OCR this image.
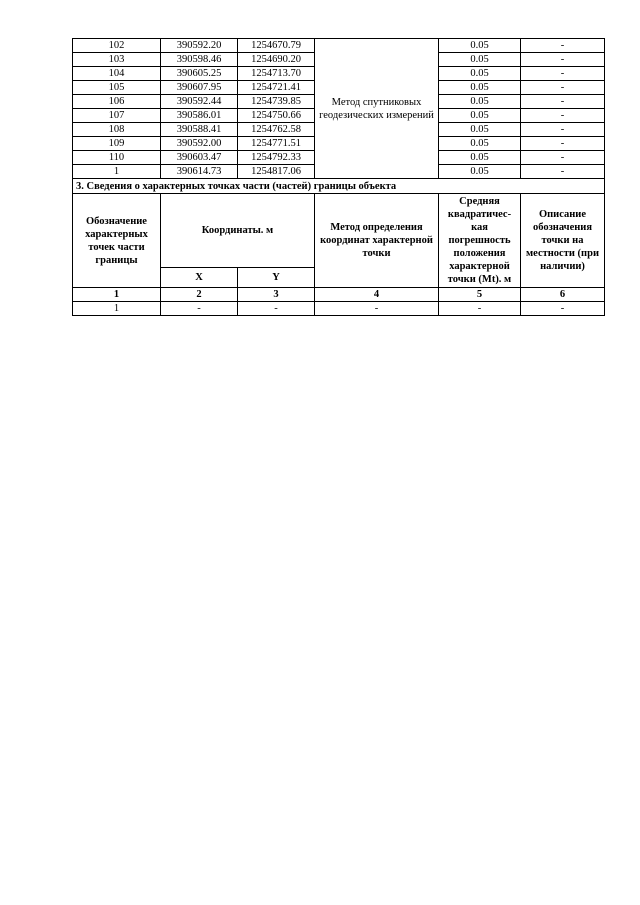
102	390592.20	1254670.79	Метод спутниковых геодезических измерений	0.05	-
103	390598.46	1254690.20		0.05	-
104	390605.25	1254713.70		0.05	-
105	390607.95	1254721.41		0.05	-
106	390592.44	1254739.85		0.05	-
107	390586.01	1254750.66		0.05	-
108	390588.41	1254762.58		0.05	-
109	390592.00	1254771.51		0.05	-
110	390603.47	1254792.33		0.05	-
1	390614.73	1254817.06		0.05	-
3. Сведения о характерных точках части (частей) границы объекта					
Обозначение характерных точек части границы	Координаты. м		Метод определения координат характерной точки	Средняя квадратичес-кая погрешность положения характерной точки (Mt). м	Описание обозначения точки на местности (при наличии)
	X	Y			
1	2	3	4	5	6
1	-	-	-	-	-
